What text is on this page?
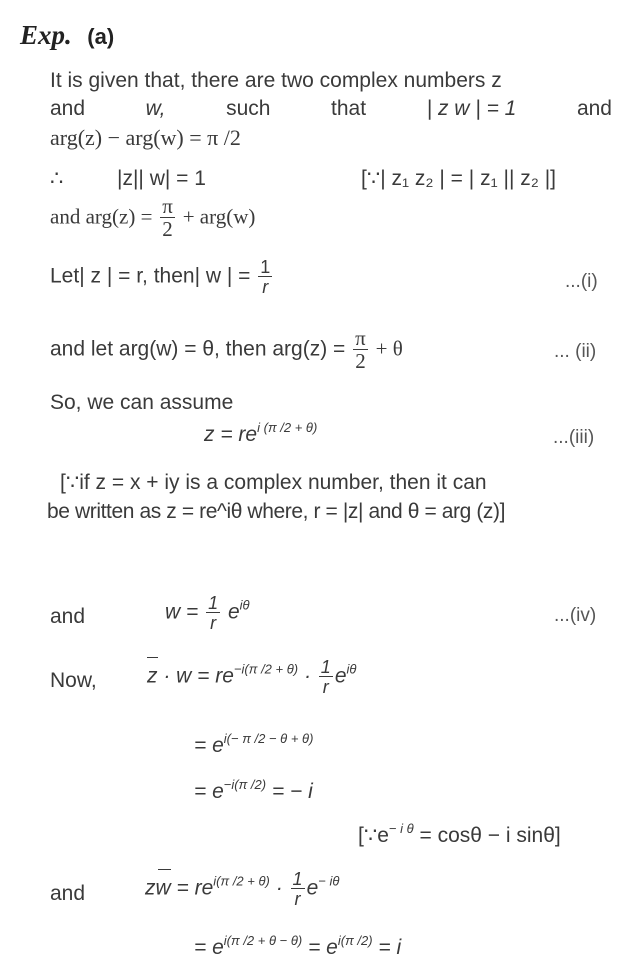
Exp. (a)
It is given that, there are two complex numbers z
and	w,	such	that	| z w | = 1	and
arg(z) − arg(w) = π /2
∴	|z|| w| = 1	[∵| z₁ z₂ | = | z₁ || z₂ |]
and $arg(z) = \frac{\pi}{2} + arg(w)$
Let| z | = r, then| w | = $\frac{1}{r}$	...(i)
and let arg(w) = θ, then $arg(z) = \frac{\pi}{2} + \theta$	... (ii)
So, we can assume
$z = re^{i (\pi /2 + \theta)}$	...(iii)
[∵if z = x + iy is a complex number, then it can
be written as z = re^iθ where, r = |z| and θ = arg (z)]
and	$w = \frac{1}{r} e^{i\theta}$	...(iv)
Now, $z \cdot w = re^{-i(\pi /2 + \theta)} \cdot \frac{1}{r} e^{i\theta}$
= $e^{i(- \pi /2 - \theta + \theta)}$
= $e^{-i(\pi /2)}$ = − i
[$\because e^{- i \theta} = \cos\theta - i$ sinθ]
and	zw = $re^{i(\pi /2 + \theta)} \cdot \frac{1}{r} e^{- i\theta}$
= $e^{i(\pi /2 + \theta - \theta)} = e^{i(\pi /2)} = i$
